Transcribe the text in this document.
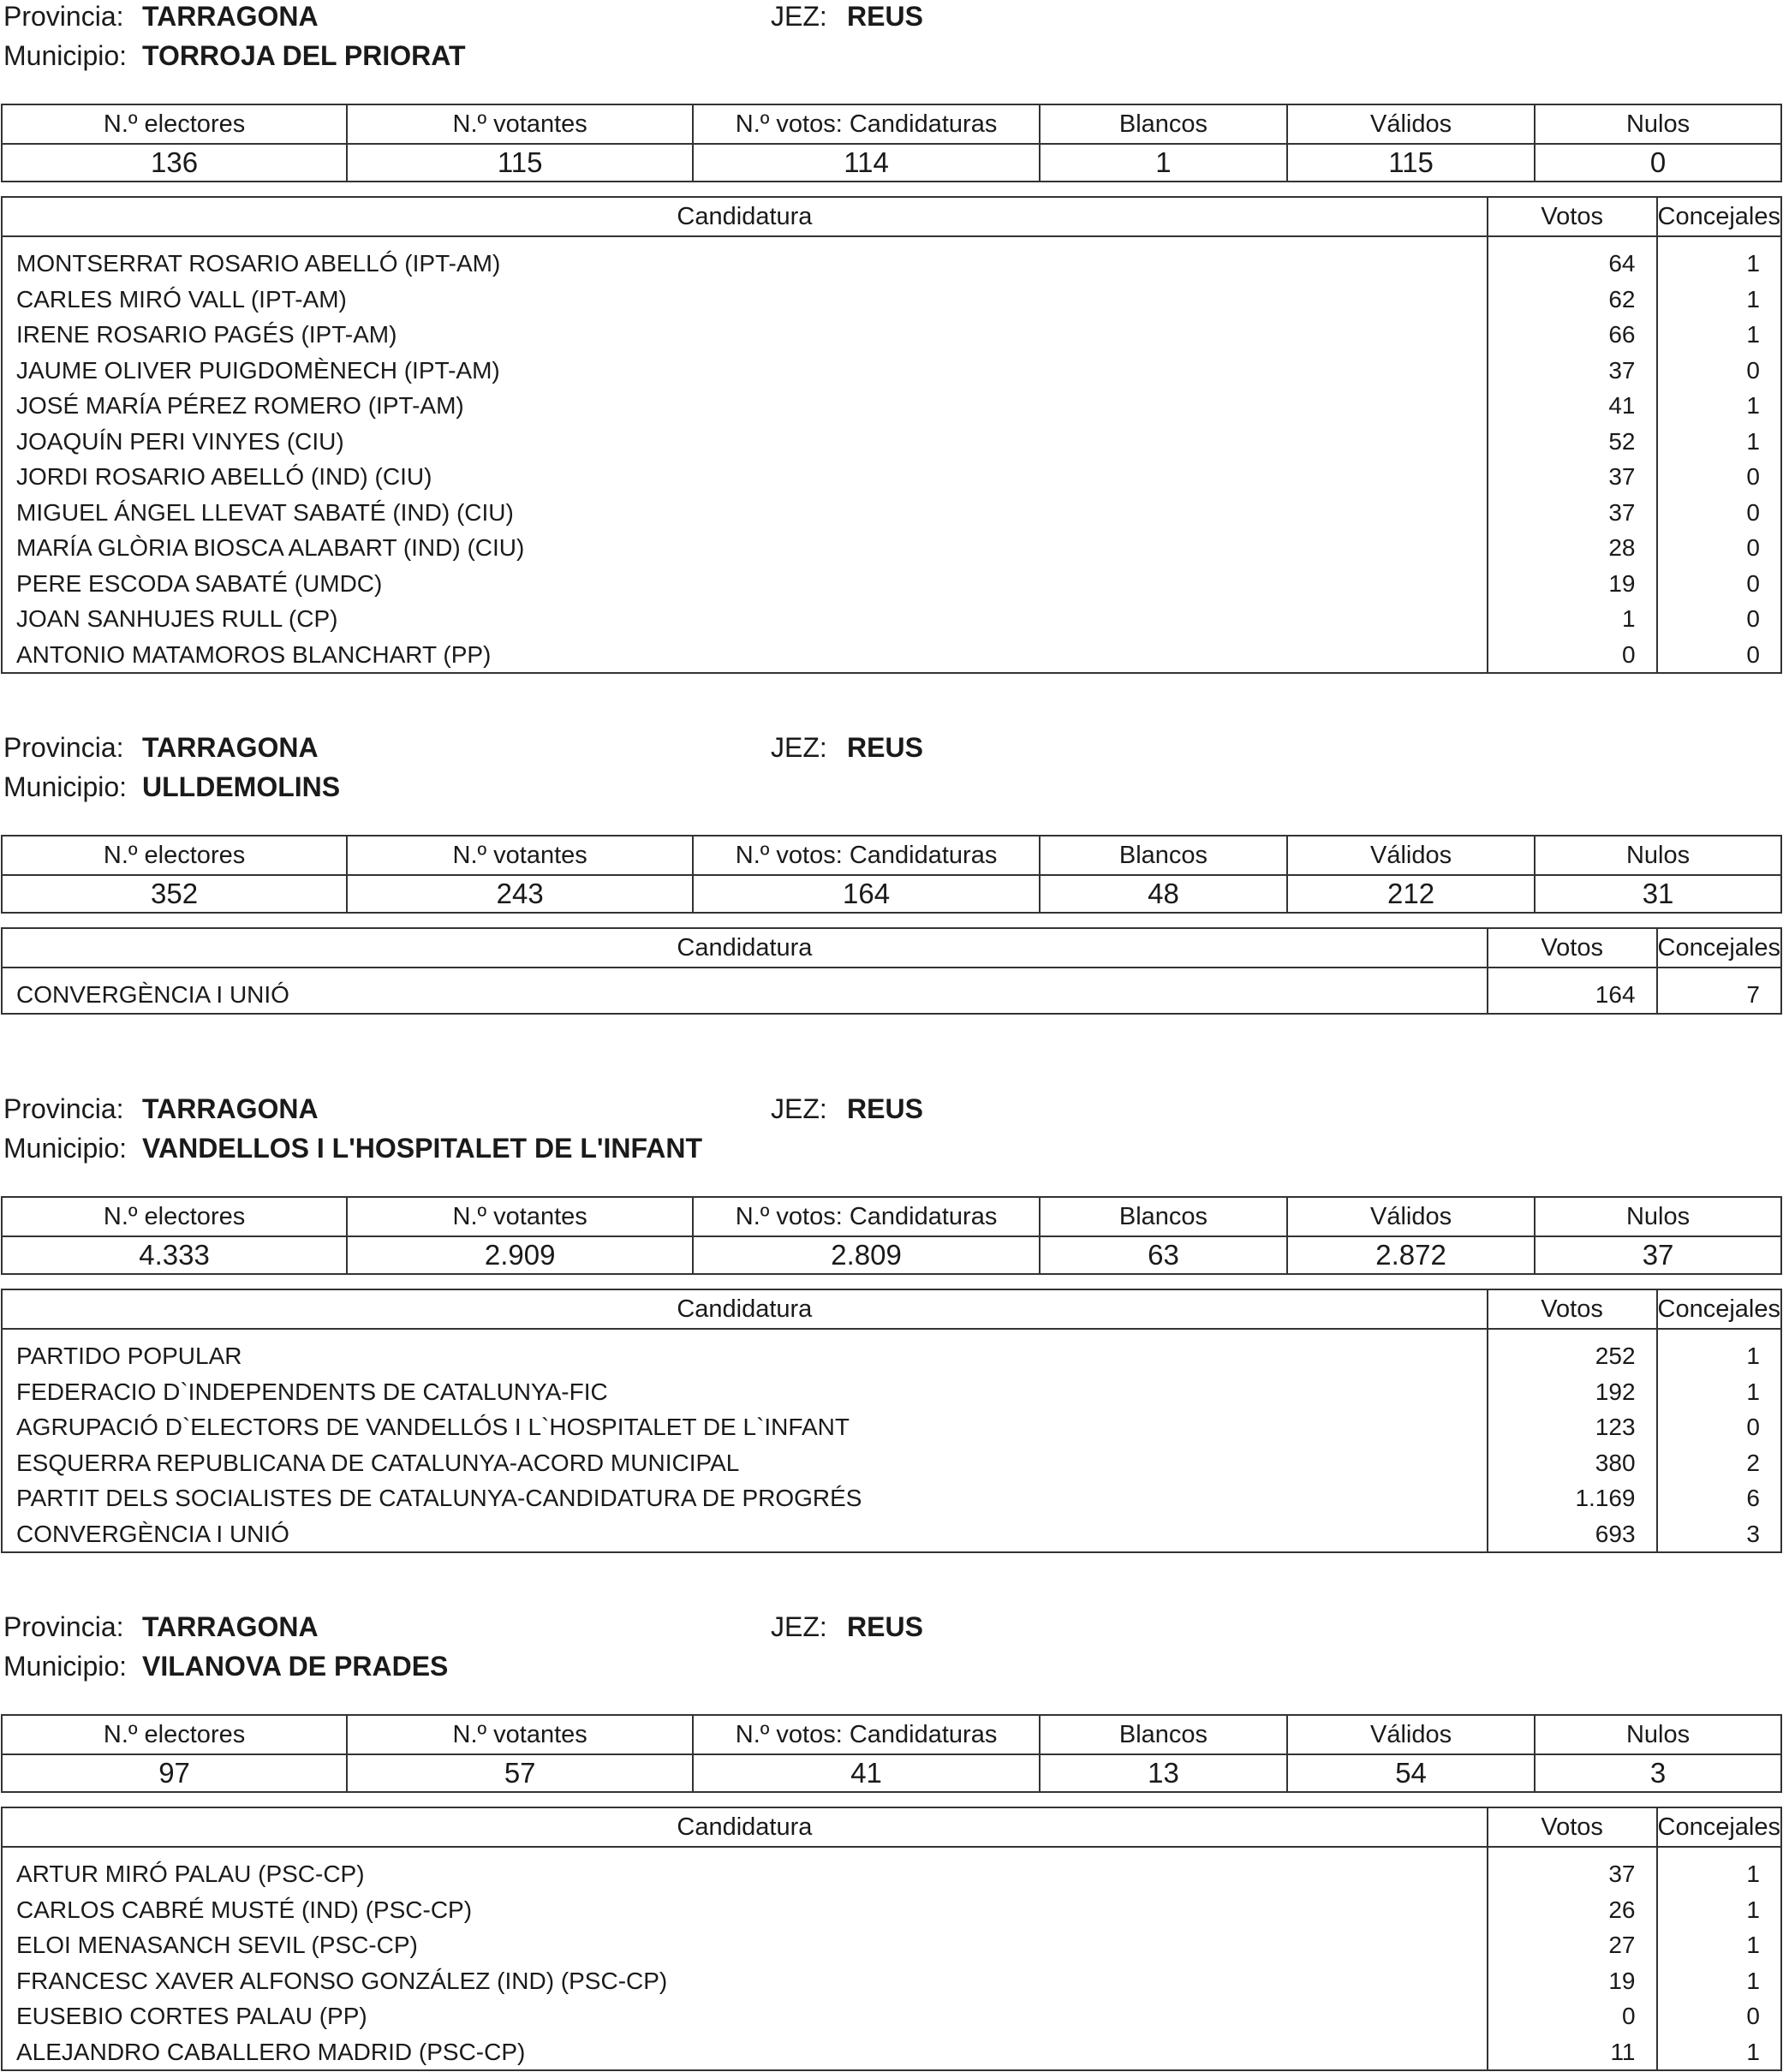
Provincia: TARRAGONA	JEZ: REUS
Municipio: TORROJA DEL PRIORAT
N.º electores	N.º votantes	N.º votos: Candidaturas	Blancos	Válidos	Nulos
136	115	114	1	115	0
Candidatura	Votos	Concejales

MONTSERRAT ROSARIO ABELLÓ (IPT-AM)	64	1
CARLES MIRÓ VALL (IPT-AM)	62	1
IRENE ROSARIO PAGÉS (IPT-AM)	66	1
JAUME OLIVER PUIGDOMÈNECH (IPT-AM)	37	0
JOSÉ MARÍA PÉREZ ROMERO (IPT-AM)	41	1
JOAQUÍN PERI VINYES (CIU)	52	1
JORDI ROSARIO ABELLÓ (IND) (CIU)	37	0
MIGUEL ÁNGEL LLEVAT SABATÉ (IND) (CIU)	37	0
MARÍA GLÒRIA BIOSCA ALABART (IND) (CIU)	28	0
PERE ESCODA SABATÉ (UMDC)	19	0
JOAN SANHUJES RULL (CP)	1	0
ANTONIO MATAMOROS BLANCHART (PP)	0	0
Provincia: TARRAGONA	JEZ: REUS
Municipio: ULLDEMOLINS
N.º electores	N.º votantes	N.º votos: Candidaturas	Blancos	Válidos	Nulos
352	243	164	48	212	31
Candidatura	Votos	Concejales

CONVERGÈNCIA I UNIÓ	164	7
Provincia: TARRAGONA	JEZ: REUS
Municipio: VANDELLOS I L'HOSPITALET DE L'INFANT
N.º electores	N.º votantes	N.º votos: Candidaturas	Blancos	Válidos	Nulos
4.333	2.909	2.809	63	2.872	37
Candidatura	Votos	Concejales

PARTIDO POPULAR	252	1
FEDERACIO D`INDEPENDENTS DE CATALUNYA-FIC	192	1
AGRUPACIÓ D`ELECTORS DE VANDELLÓS I L`HOSPITALET DE L`INFANT	123	0
ESQUERRA REPUBLICANA DE CATALUNYA-ACORD MUNICIPAL	380	2
PARTIT DELS SOCIALISTES DE CATALUNYA-CANDIDATURA DE PROGRÉS	1.169	6
CONVERGÈNCIA I UNIÓ	693	3
Provincia: TARRAGONA	JEZ: REUS
Municipio: VILANOVA DE PRADES
N.º electores	N.º votantes	N.º votos: Candidaturas	Blancos	Válidos	Nulos
97	57	41	13	54	3
Candidatura	Votos	Concejales

ARTUR MIRÓ PALAU (PSC-CP)	37	1
CARLOS CABRÉ MUSTÉ (IND) (PSC-CP)	26	1
ELOI MENASANCH SEVIL (PSC-CP)	27	1
FRANCESC XAVER ALFONSO GONZÁLEZ (IND) (PSC-CP)	19	1
EUSEBIO CORTES PALAU (PP)	0	0
ALEJANDRO CABALLERO MADRID (PSC-CP)	11	1
